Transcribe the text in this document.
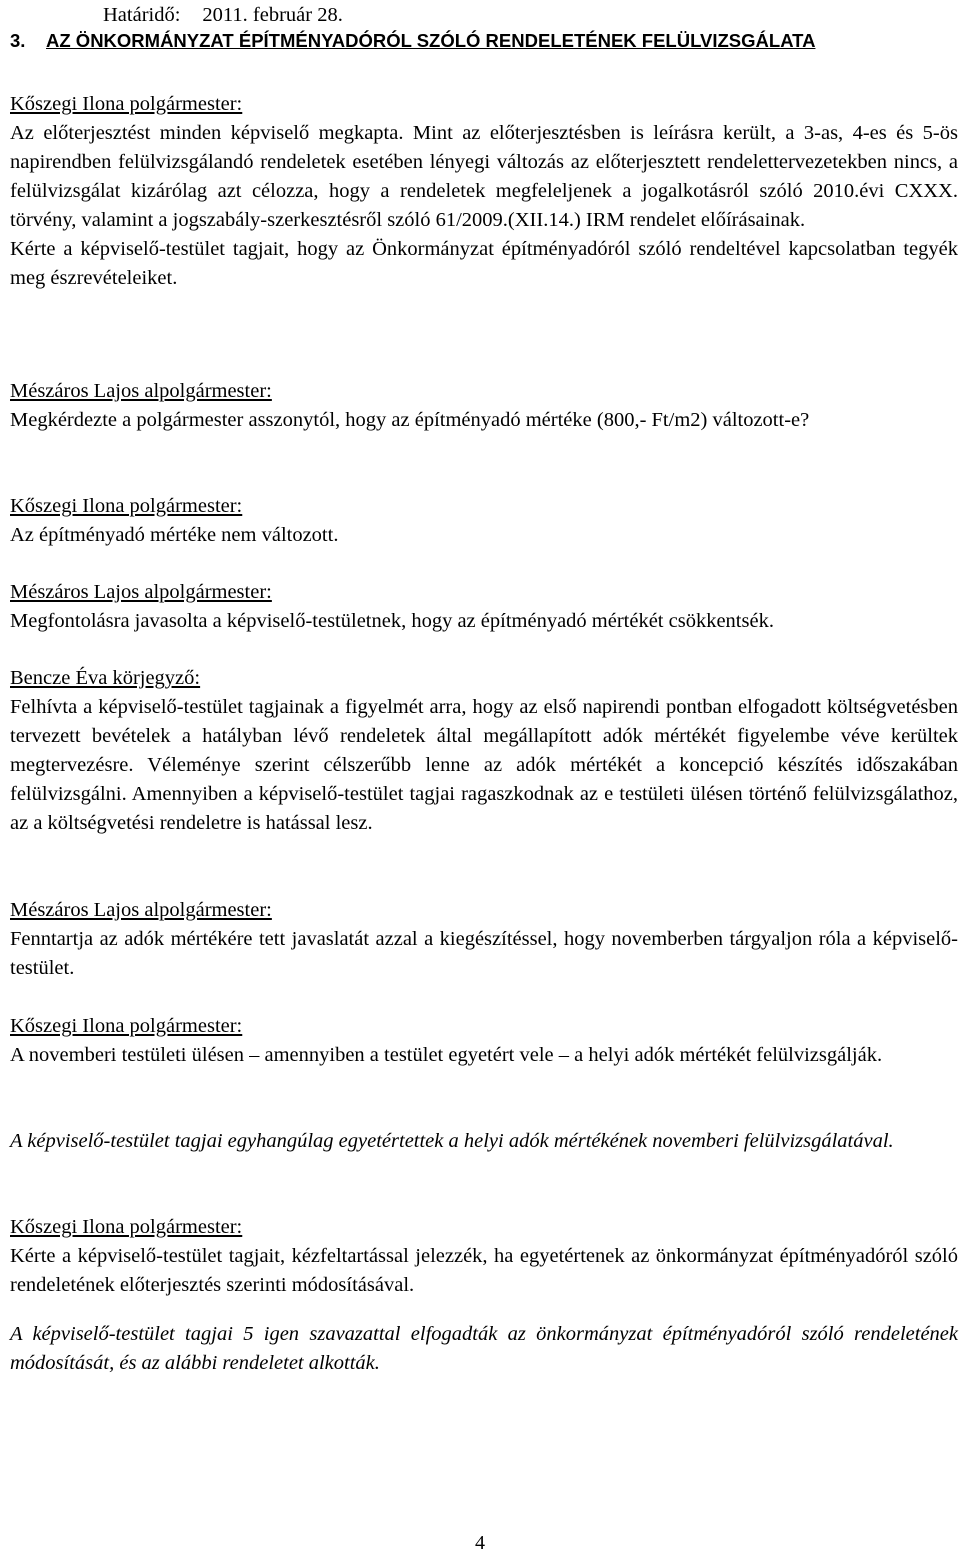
Határidő: 2011. február 28.
3. AZ ÖNKORMÁNYZAT ÉPÍTMÉNYADÓRÓL SZÓLÓ RENDELETÉNEK FELÜLVIZSGÁLATA

Kőszegi Ilona polgármester:

Az előterjesztést minden képviselő megkapta. Mint az előterjesztésben is leírásra került, a 3-as, 4-es és 5-ös napirendben felülvizsgálandó rendeletek esetében lényegi változás az előterjesztett rendelettervezetekben nincs, a felülvizsgálat kizárólag azt célozza, hogy a rendeletek megfeleljenek a jogalkotásról szóló 2010.évi CXXX. törvény, valamint a jogszabály-szerkesztésről szóló 61/2009.(XII.14.) IRM rendelet előírásainak.

Kérte a képviselő-testület tagjait, hogy az Önkormányzat építményadóról szóló rendeltével kapcsolatban tegyék meg észrevételeiket.

Mészáros Lajos alpolgármester:

Megkérdezte a polgármester asszonytól, hogy az építményadó mértéke (800,- Ft/m2) változott-e?

Kőszegi Ilona polgármester:

Az építményadó mértéke nem változott.

Mészáros Lajos alpolgármester:

Megfontolásra javasolta a képviselő-testületnek, hogy az építményadó mértékét csökkentsék.

Bencze Éva körjegyző:

Felhívta a képviselő-testület tagjainak a figyelmét arra, hogy az első napirendi pontban elfogadott költségvetésben tervezett bevételek a hatályban lévő rendeletek által megállapított adók mértékét figyelembe véve kerültek megtervezésre. Véleménye szerint célszerűbb lenne az adók mértékét a koncepció készítés időszakában felülvizsgálni. Amennyiben a képviselő-testület tagjai ragaszkodnak az e testületi ülésen történő felülvizsgálathoz, az a költségvetési rendeletre is hatással lesz.

Mészáros Lajos alpolgármester:

Fenntartja az adók mértékére tett javaslatát azzal a kiegészítéssel, hogy novemberben tárgyaljon róla a képviselő-testület.

Kőszegi Ilona polgármester:

A novemberi testületi ülésen – amennyiben a testület egyetért vele – a helyi adók mértékét felülvizsgálják.

A képviselő-testület tagjai egyhangúlag egyetértettek a helyi adók mértékének novemberi felülvizsgálatával.

Kőszegi Ilona polgármester:

Kérte a képviselő-testület tagjait, kézfeltartással jelezzék, ha egyetértenek az önkormányzat építményadóról szóló rendeletének előterjesztés szerinti módosításával.

A képviselő-testület tagjai 5 igen szavazattal elfogadták az önkormányzat építményadóról szóló rendeletének módosítását, és az alábbi rendeletet alkották.

4
